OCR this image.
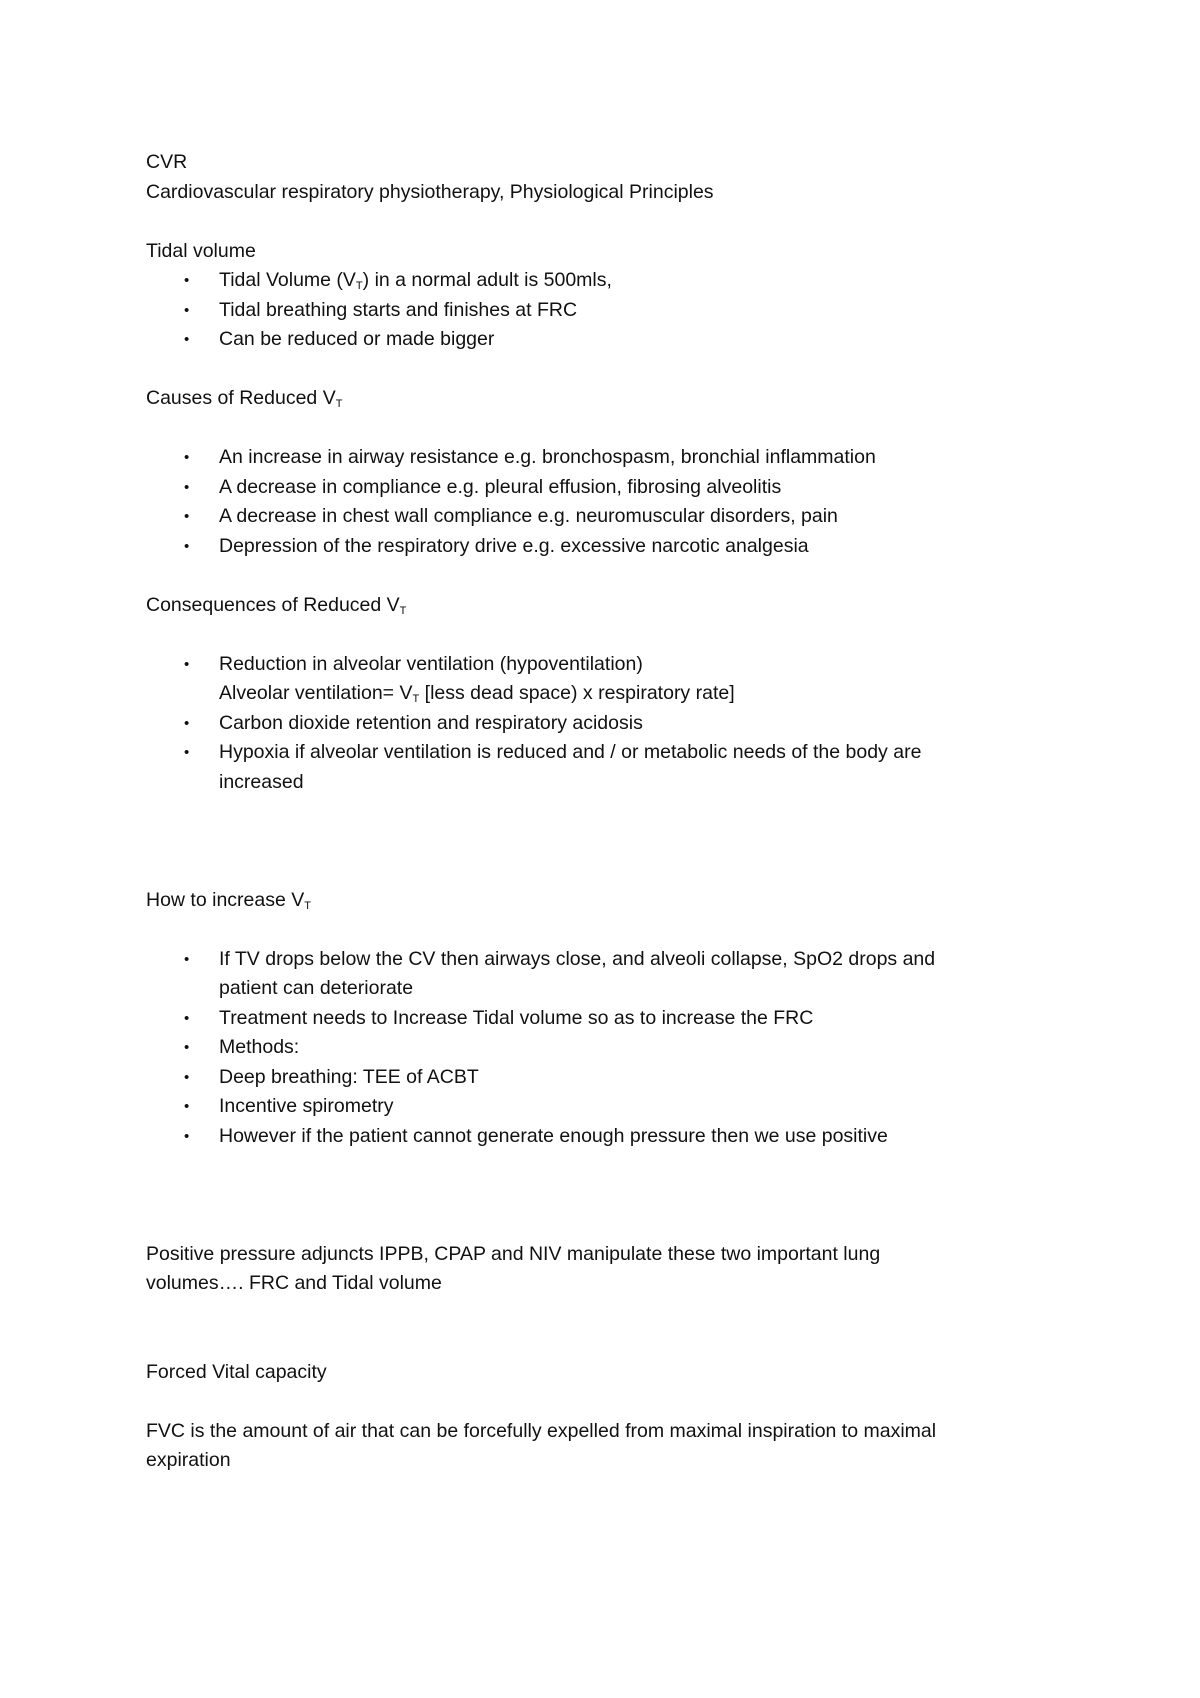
CVR

Cardiovascular respiratory physiotherapy, Physiological Principles

Tidal volume

• Tidal Volume $(V_T)$ in a normal adult is 500mls,
• Tidal breathing starts and finishes at FRC
• Can be reduced or made bigger

Causes of Reduced $V_T$

• An increase in airway resistance e.g. bronchospasm, bronchial inflammation
• A decrease in compliance e.g. pleural effusion, fibrosing alveolitis
• A decrease in chest wall compliance e.g. neuromuscular disorders, pain
• Depression of the respiratory drive e.g. excessive narcotic analgesia

Consequences of Reduced $V_T$

• Reduction in alveolar ventilation (hypoventilation)
Alveolar ventilation= $V_T$ [less dead space) x respiratory rate]
• Carbon dioxide retention and respiratory acidosis
• Hypoxia if alveolar ventilation is reduced and / or metabolic needs of the body are
increased

How to increase $V_T$

• If TV drops below the CV then airways close, and alveoli collapse, SpO2 drops and
patient can deteriorate
• Treatment needs to Increase Tidal volume so as to increase the FRC
• Methods:
• Deep breathing: TEE of ACBT
• Incentive spirometry
• However if the patient cannot generate enough pressure then we use positive

Positive pressure adjuncts IPPB, CPAP and NIV manipulate these two important lung

volumes…. FRC and Tidal volume

Forced Vital capacity

FVC is the amount of air that can be forcefully expelled from maximal inspiration to maximal

expiration
